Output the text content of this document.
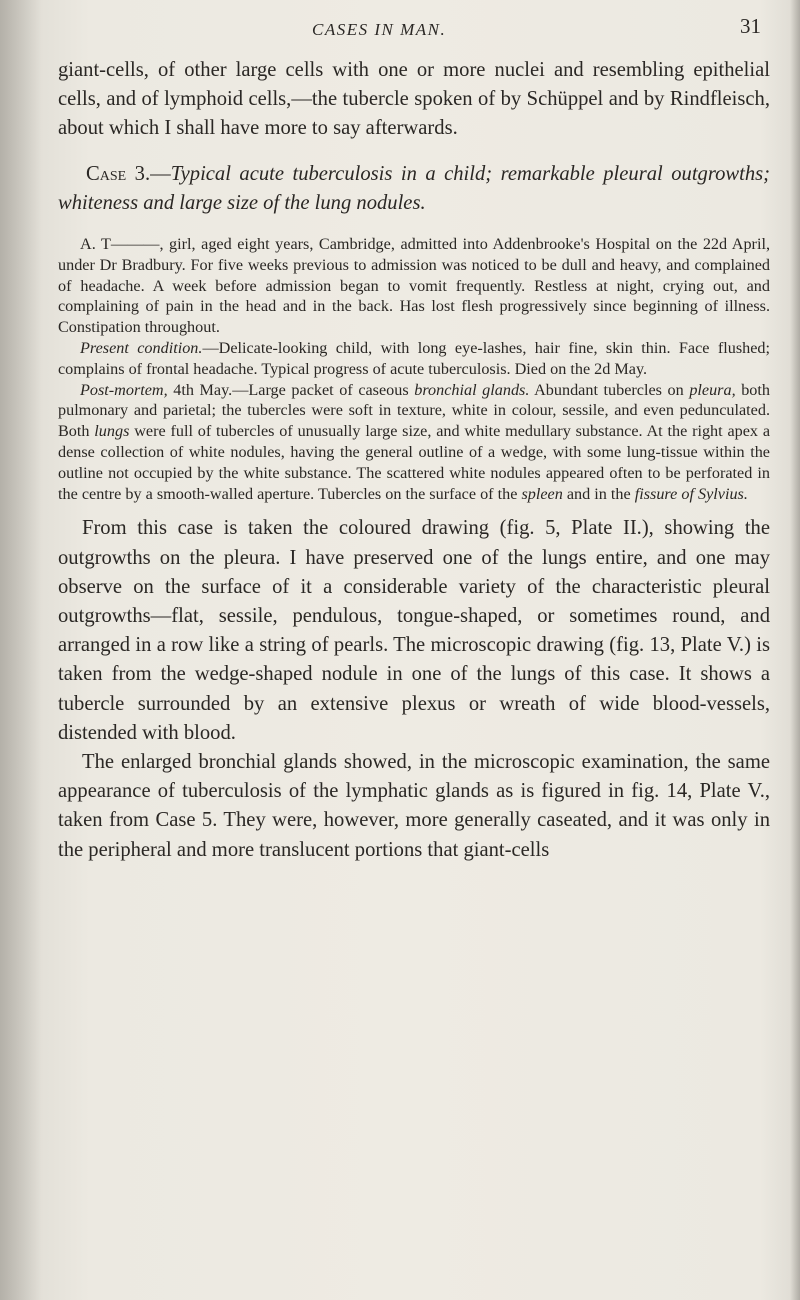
CASES IN MAN.	31

giant-cells, of other large cells with one or more nuclei and resembling epithelial cells, and of lymphoid cells,—the tubercle spoken of by Schüppel and by Rindfleisch, about which I shall have more to say afterwards.

Case 3.—Typical acute tuberculosis in a child; remarkable pleural outgrowths; whiteness and large size of the lung nodules.

A. T———, girl, aged eight years, Cambridge, admitted into Addenbrooke's Hospital on the 22d April, under Dr Bradbury. For five weeks previous to admission was noticed to be dull and heavy, and complained of headache. A week before admission began to vomit frequently. Restless at night, crying out, and complaining of pain in the head and in the back. Has lost flesh progressively since beginning of illness. Constipation throughout.

Present condition.—Delicate-looking child, with long eye-lashes, hair fine, skin thin. Face flushed; complains of frontal headache. Typical progress of acute tuberculosis. Died on the 2d May.

Post-mortem, 4th May.—Large packet of caseous bronchial glands. Abundant tubercles on pleura, both pulmonary and parietal; the tubercles were soft in texture, white in colour, sessile, and even pedunculated. Both lungs were full of tubercles of unusually large size, and white medullary substance. At the right apex a dense collection of white nodules, having the general outline of a wedge, with some lung-tissue within the outline not occupied by the white substance. The scattered white nodules appeared often to be perforated in the centre by a smooth-walled aperture. Tubercles on the surface of the spleen and in the fissure of Sylvius.

From this case is taken the coloured drawing (fig. 5, Plate II.), showing the outgrowths on the pleura. I have preserved one of the lungs entire, and one may observe on the surface of it a considerable variety of the characteristic pleural outgrowths—flat, sessile, pendulous, tongue-shaped, or sometimes round, and arranged in a row like a string of pearls. The microscopic drawing (fig. 13, Plate V.) is taken from the wedge-shaped nodule in one of the lungs of this case. It shows a tubercle surrounded by an extensive plexus or wreath of wide blood-vessels, distended with blood.

The enlarged bronchial glands showed, in the microscopic examination, the same appearance of tuberculosis of the lymphatic glands as is figured in fig. 14, Plate V., taken from Case 5. They were, however, more generally caseated, and it was only in the peripheral and more translucent portions that giant-cells
